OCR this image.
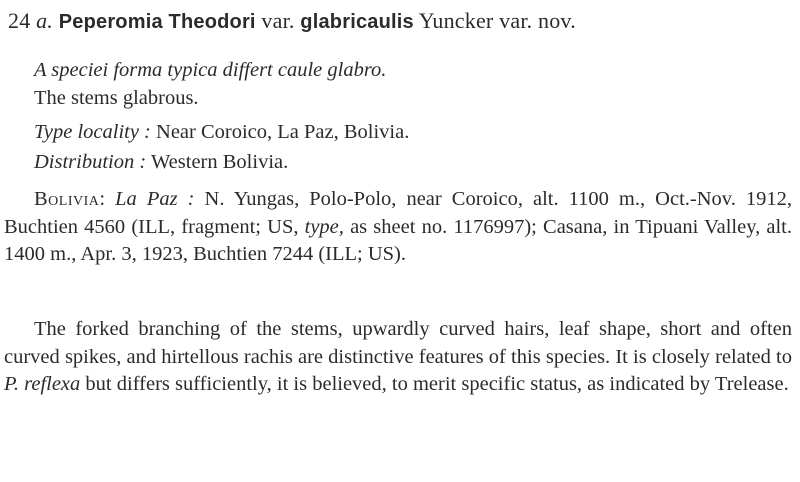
24 a. Peperomia Theodori var. glabricaulis Yuncker var. nov.
A speciei forma typica differt caule glabro.
The stems glabrous.
Type locality : Near Coroico, La Paz, Bolivia.
Distribution : Western Bolivia.
Bolivia: La Paz : N. Yungas, Polo-Polo, near Coroico, alt. 1100 m., Oct.-Nov. 1912, Buchtien 4560 (ILL, fragment; US, type, as sheet no. 1176997); Casana, in Tipuani Valley, alt. 1400 m., Apr. 3, 1923, Buchtien 7244 (ILL; US).
The forked branching of the stems, upwardly curved hairs, leaf shape, short and often curved spikes, and hirtellous rachis are distinctive features of this species. It is closely related to P. reflexa but differs sufficiently, it is believed, to merit specific status, as indicated by Trelease.
